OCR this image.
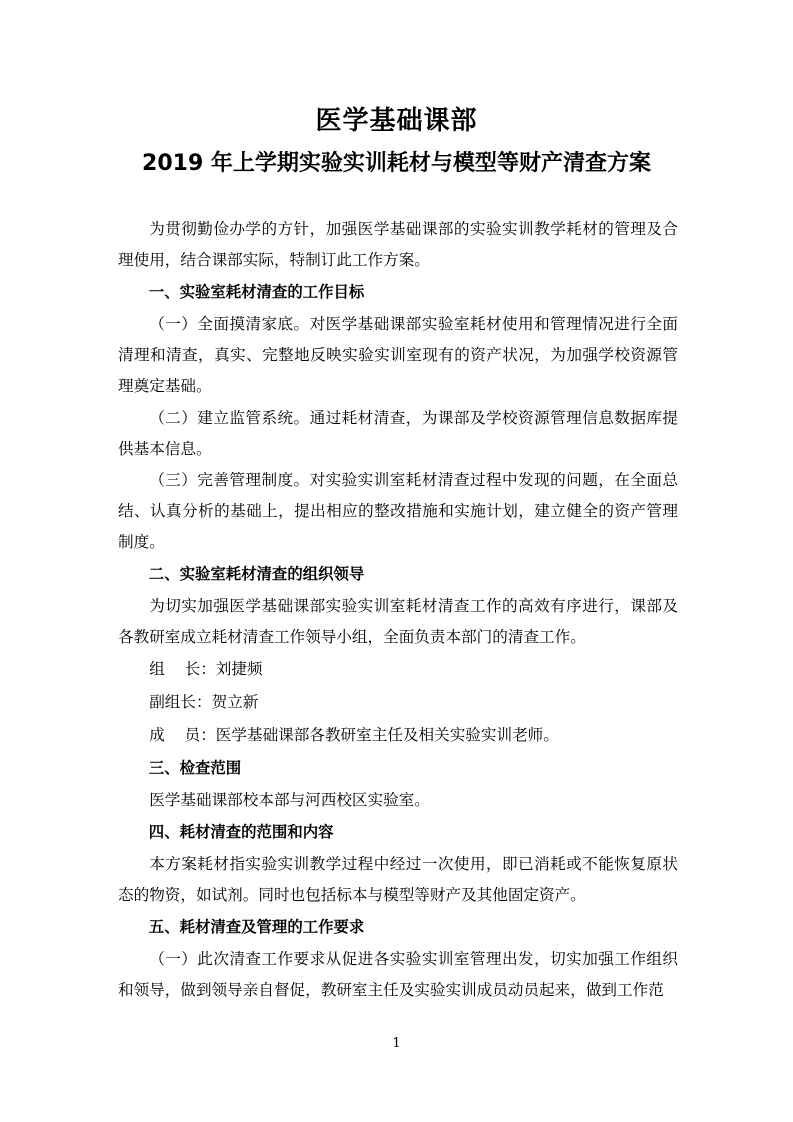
医学基础课部
2019 年上学期实验实训耗材与模型等财产清查方案

为贯彻勤俭办学的方针，加强医学基础课部的实验实训教学耗材的管理及合理使用，结合课部实际，特制订此工作方案。

一、实验室耗材清查的工作目标

（一）全面摸清家底。对医学基础课部实验室耗材使用和管理情况进行全面清理和清查，真实、完整地反映实验实训室现有的资产状况，为加强学校资源管理奠定基础。

（二）建立监管系统。通过耗材清查，为课部及学校资源管理信息数据库提供基本信息。

（三）完善管理制度。对实验实训室耗材清查过程中发现的问题，在全面总结、认真分析的基础上，提出相应的整改措施和实施计划，建立健全的资产管理制度。

二、实验室耗材清查的组织领导

为切实加强医学基础课部实验实训室耗材清查工作的高效有序进行，课部及各教研室成立耗材清查工作领导小组，全面负责本部门的清查工作。

组    长：刘捷频

副组长：贺立新

成    员：医学基础课部各教研室主任及相关实验实训老师。

三、检查范围

医学基础课部校本部与河西校区实验室。

四、耗材清查的范围和内容

本方案耗材指实验实训教学过程中经过一次使用，即已消耗或不能恢复原状态的物资，如试剂。同时也包括标本与模型等财产及其他固定资产。

五、耗材清查及管理的工作要求

（一）此次清查工作要求从促进各实验实训室管理出发，切实加强工作组织和领导，做到领导亲自督促，教研室主任及实验实训成员动员起来，做到工作范

1
